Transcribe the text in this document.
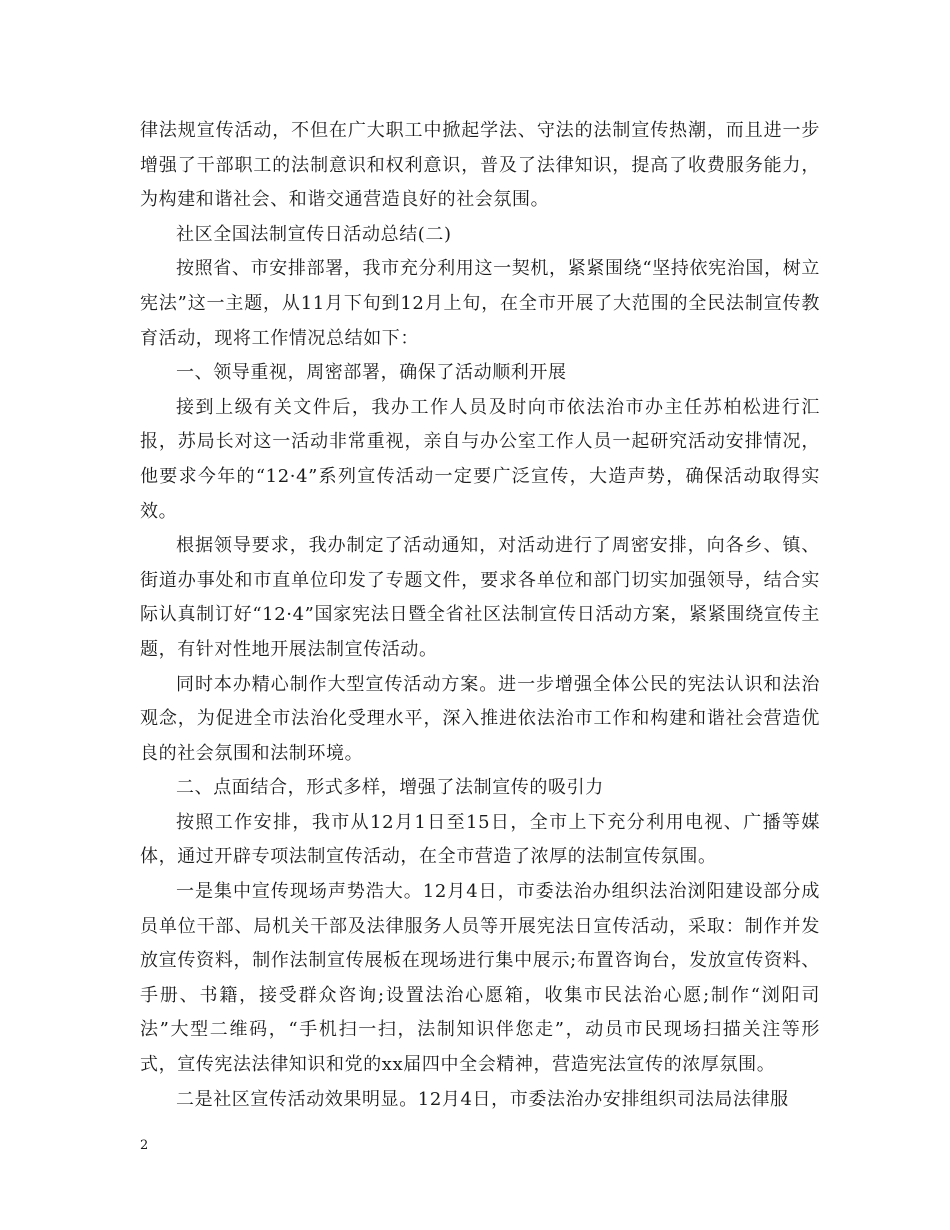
律法规宣传活动，不但在广大职工中掀起学法、守法的法制宣传热潮，而且进一步增强了干部职工的法制意识和权利意识，普及了法律知识，提高了收费服务能力，为构建和谐社会、和谐交通营造良好的社会氛围。

社区全国法制宣传日活动总结(二)

按照省、市安排部署，我市充分利用这一契机，紧紧围绕“坚持依宪治国，树立宪法”这一主题，从11月下旬到12月上旬，在全市开展了大范围的全民法制宣传教育活动，现将工作情况总结如下：

一、领导重视，周密部署，确保了活动顺利开展

接到上级有关文件后，我办工作人员及时向市依法治市办主任苏柏松进行汇报，苏局长对这一活动非常重视，亲自与办公室工作人员一起研究活动安排情况，他要求今年的“12·4”系列宣传活动一定要广泛宣传，大造声势，确保活动取得实效。

根据领导要求，我办制定了活动通知，对活动进行了周密安排，向各乡、镇、街道办事处和市直单位印发了专题文件，要求各单位和部门切实加强领导，结合实际认真制订好“12·4”国家宪法日暨全省社区法制宣传日活动方案，紧紧围绕宣传主题，有针对性地开展法制宣传活动。

同时本办精心制作大型宣传活动方案。进一步增强全体公民的宪法认识和法治观念，为促进全市法治化受理水平，深入推进依法治市工作和构建和谐社会营造优良的社会氛围和法制环境。

二、点面结合，形式多样，增强了法制宣传的吸引力

按照工作安排，我市从12月1日至15日，全市上下充分利用电视、广播等媒体，通过开辟专项法制宣传活动，在全市营造了浓厚的法制宣传氛围。

一是集中宣传现场声势浩大。12月4日，市委法治办组织法治浏阳建设部分成员单位干部、局机关干部及法律服务人员等开展宪法日宣传活动，采取：制作并发放宣传资料，制作法制宣传展板在现场进行集中展示;布置咨询台，发放宣传资料、手册、书籍，接受群众咨询;设置法治心愿箱，收集市民法治心愿;制作“浏阳司法”大型二维码，“手机扫一扫，法制知识伴您走”，动员市民现场扫描关注等形式，宣传宪法法律知识和党的xx届四中全会精神，营造宪法宣传的浓厚氛围。

二是社区宣传活动效果明显。12月4日，市委法治办安排组织司法局法律服

2
